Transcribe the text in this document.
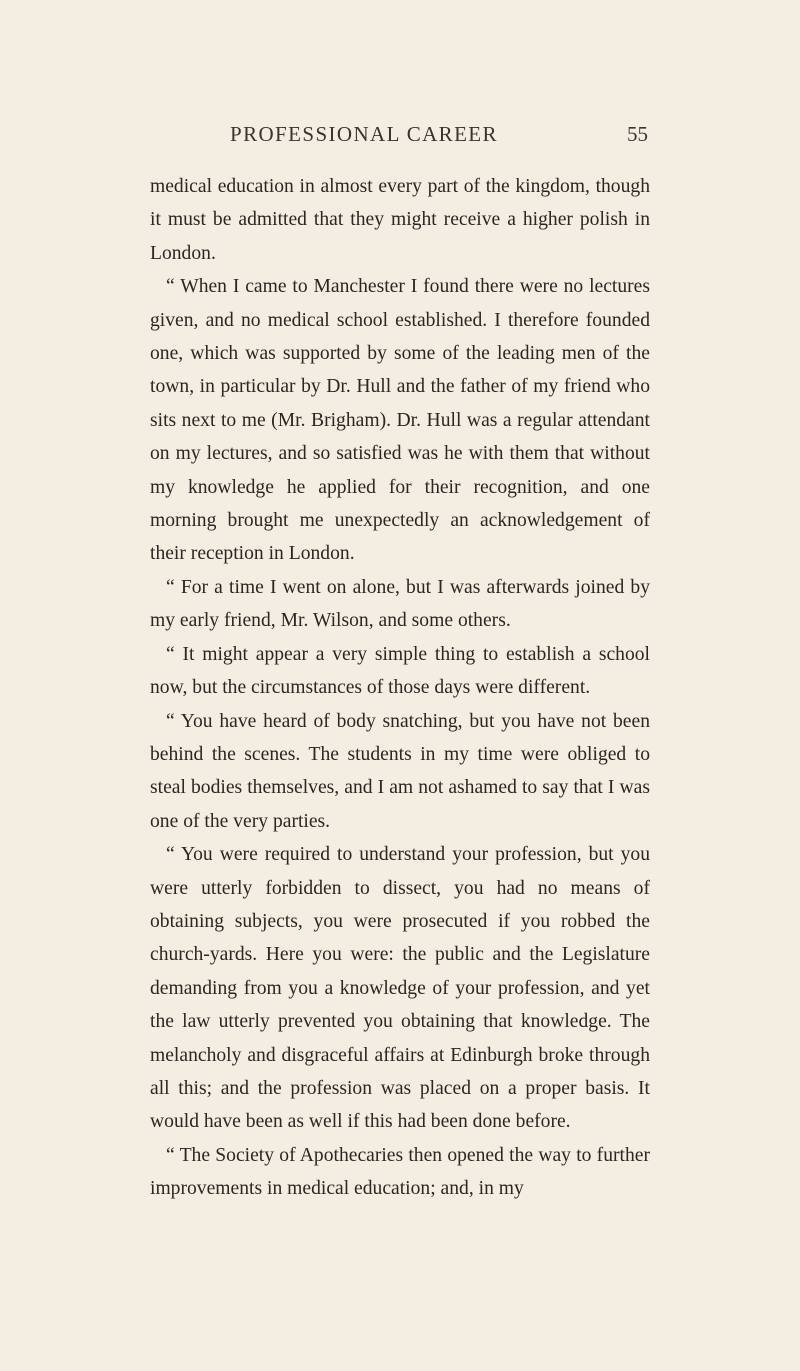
PROFESSIONAL CAREER	55

medical education in almost every part of the kingdom, though it must be admitted that they might receive a higher polish in London.

“ When I came to Manchester I found there were no lectures given, and no medical school established. I therefore founded one, which was supported by some of the leading men of the town, in particular by Dr. Hull and the father of my friend who sits next to me (Mr. Brigham). Dr. Hull was a regular attendant on my lectures, and so satisfied was he with them that without my knowledge he applied for their recognition, and one morning brought me unexpectedly an acknowledgement of their reception in London.

“ For a time I went on alone, but I was afterwards joined by my early friend, Mr. Wilson, and some others.

“ It might appear a very simple thing to establish a school now, but the circumstances of those days were different.

“ You have heard of body snatching, but you have not been behind the scenes. The students in my time were obliged to steal bodies themselves, and I am not ashamed to say that I was one of the very parties.

“ You were required to understand your profession, but you were utterly forbidden to dissect, you had no means of obtaining subjects, you were prosecuted if you robbed the church-yards. Here you were: the public and the Legislature demanding from you a knowledge of your profession, and yet the law utterly prevented you obtaining that knowledge. The melancholy and disgraceful affairs at Edinburgh broke through all this; and the profession was placed on a proper basis. It would have been as well if this had been done before.

“ The Society of Apothecaries then opened the way to further improvements in medical education; and, in my
